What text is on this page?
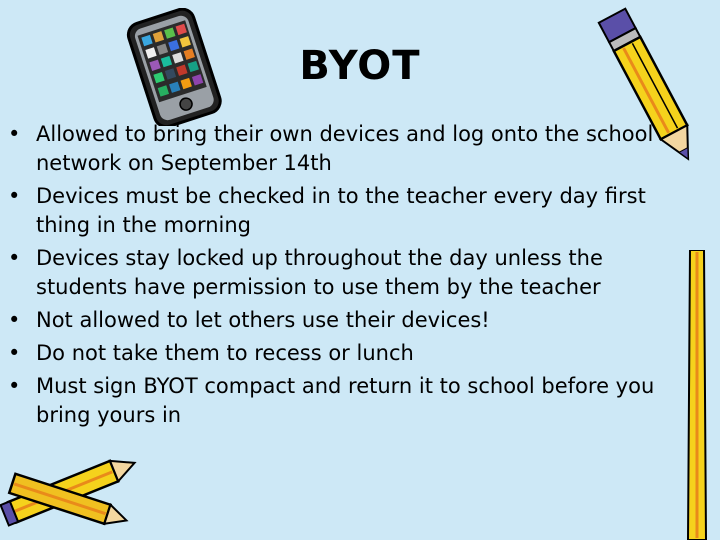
BYOT
• Allowed to bring their own devices and log onto the school network on September 14th
• Devices must be checked in to the teacher every day first thing in the morning
• Devices stay locked up throughout the day unless the students have permission to use them by the teacher
• Not allowed to let others use their devices!
• Do not take them to recess or lunch
• Must sign BYOT compact and return it to school before you bring yours in
